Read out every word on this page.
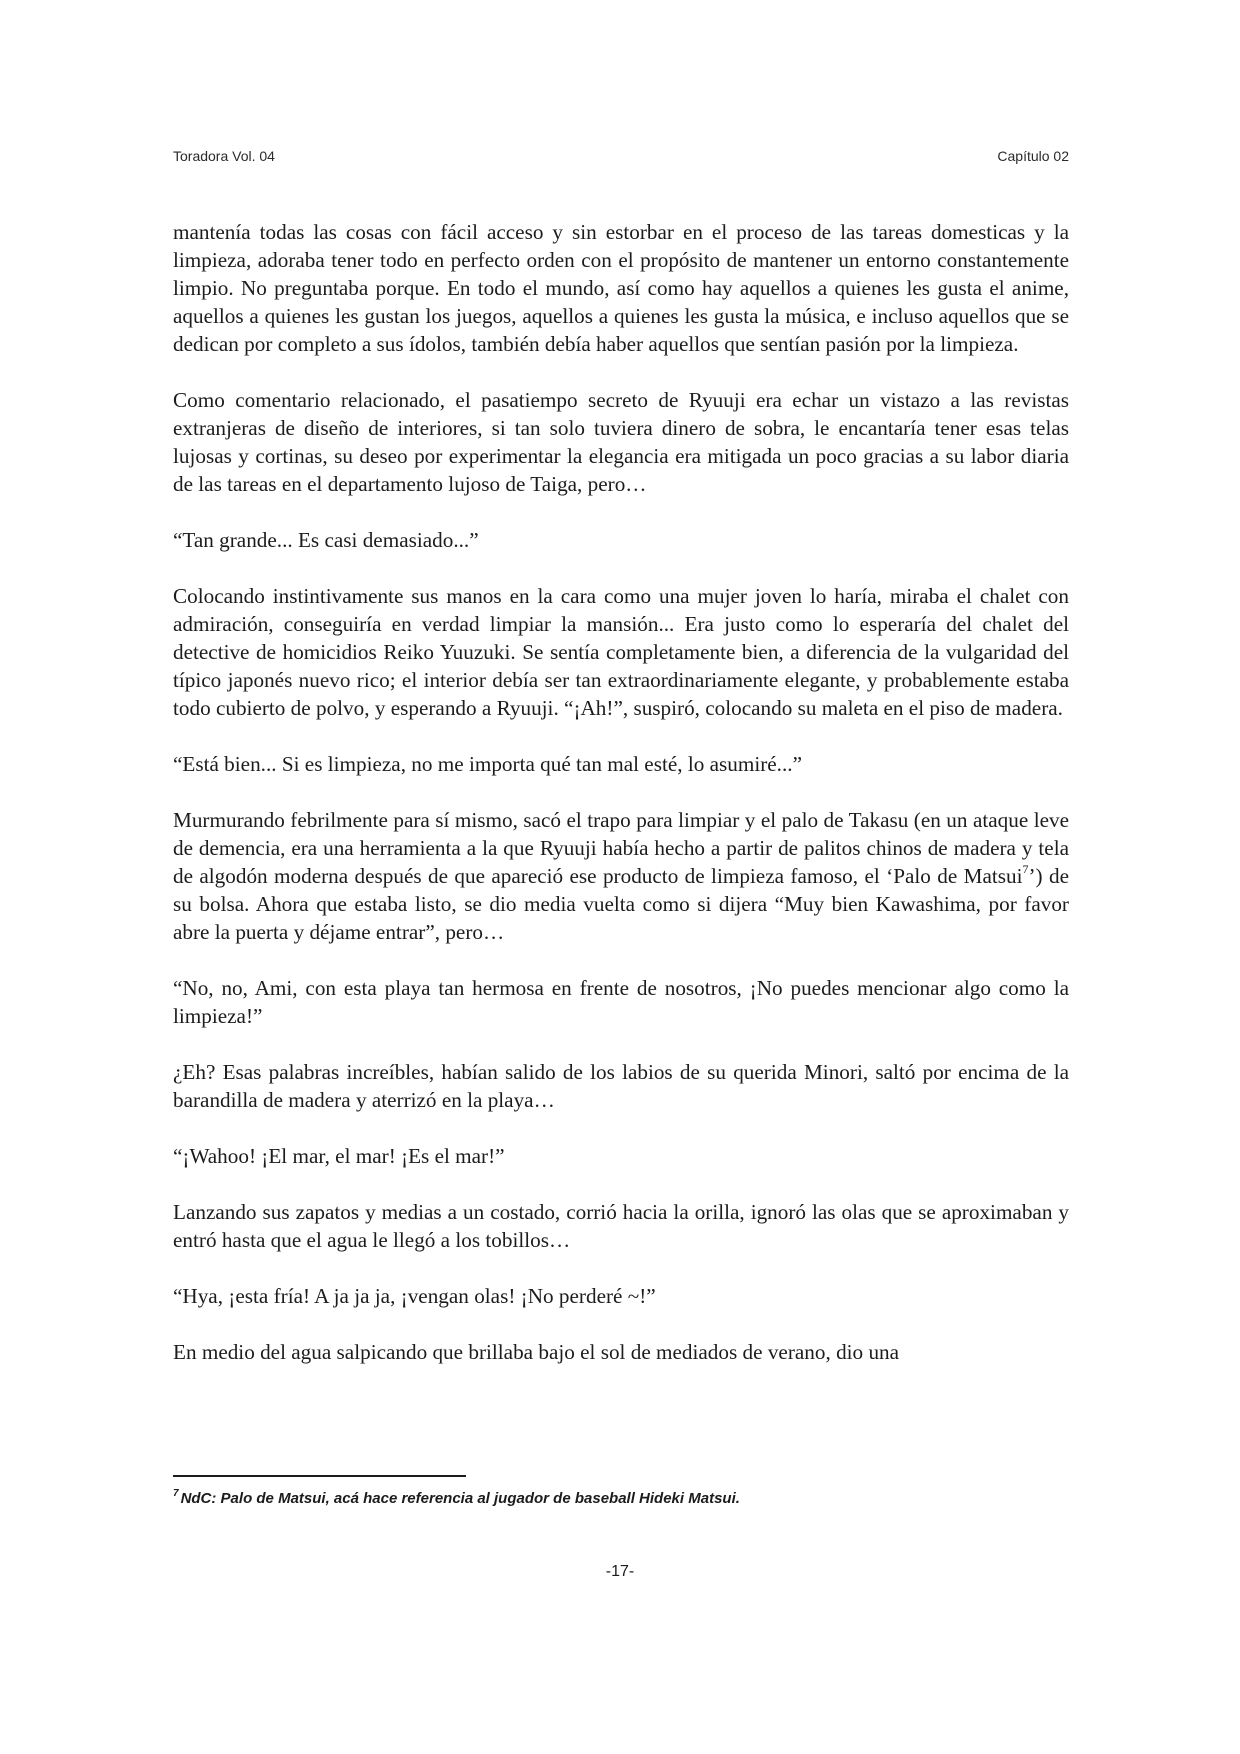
Toradora Vol. 04	Capítulo 02

mantenía todas las cosas con fácil acceso y sin estorbar en el proceso de las tareas domesticas y la limpieza, adoraba tener todo en perfecto orden con el propósito de mantener un entorno constantemente limpio. No preguntaba porque. En todo el mundo, así como hay aquellos a quienes les gusta el anime, aquellos a quienes les gustan los juegos, aquellos a quienes les gusta la música, e incluso aquellos que se dedican por completo a sus ídolos, también debía haber aquellos que sentían pasión por la limpieza.

Como comentario relacionado, el pasatiempo secreto de Ryuuji era echar un vistazo a las revistas extranjeras de diseño de interiores, si tan solo tuviera dinero de sobra, le encantaría tener esas telas lujosas y cortinas, su deseo por experimentar la elegancia era mitigada un poco gracias a su labor diaria de las tareas en el departamento lujoso de Taiga, pero…

“Tan grande... Es casi demasiado...”

Colocando instintivamente sus manos en la cara como una mujer joven lo haría, miraba el chalet con admiración, conseguiría en verdad limpiar la mansión... Era justo como lo esperaría del chalet del detective de homicidios Reiko Yuuzuki. Se sentía completamente bien, a diferencia de la vulgaridad del típico japonés nuevo rico; el interior debía ser tan extraordinariamente elegante, y probablemente estaba todo cubierto de polvo, y esperando a Ryuuji. “¡Ah!”, suspiró, colocando su maleta en el piso de madera.

“Está bien... Si es limpieza, no me importa qué tan mal esté, lo asumiré...”

Murmurando febrilmente para sí mismo, sacó el trapo para limpiar y el palo de Takasu (en un ataque leve de demencia, era una herramienta a la que Ryuuji había hecho a partir de palitos chinos de madera y tela de algodón moderna después de que apareció ese producto de limpieza famoso, el ‘Palo de Matsui$^7$’) de su bolsa. Ahora que estaba listo, se dio media vuelta como si dijera “Muy bien Kawashima, por favor abre la puerta y déjame entrar”, pero…

“No, no, Ami, con esta playa tan hermosa en frente de nosotros, ¡No puedes mencionar algo como la limpieza!”

¿Eh? Esas palabras increíbles, habían salido de los labios de su querida Minori, saltó por encima de la barandilla de madera y aterrizó en la playa…

“¡Wahoo! ¡El mar, el mar! ¡Es el mar!”

Lanzando sus zapatos y medias a un costado, corrió hacia la orilla, ignoró las olas que se aproximaban y entró hasta que el agua le llegó a los tobillos…

“Hya, ¡esta fría! A ja ja ja, ¡vengan olas! ¡No perderé ~!”

En medio del agua salpicando que brillaba bajo el sol de mediados de verano, dio una

$^7$ NdC: Palo de Matsui, acá hace referencia al jugador de baseball Hideki Matsui.
-17-
